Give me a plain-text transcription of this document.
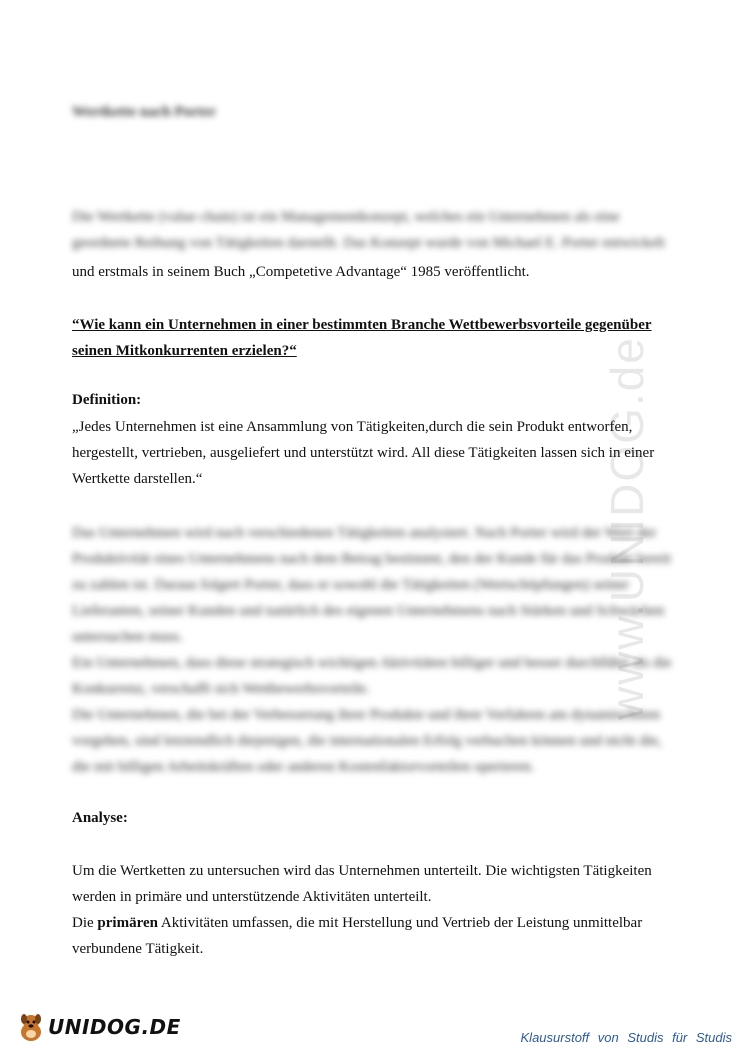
www.UNIDOG.de
Wertkette nach Porter

Die Wertkette (value chain) ist ein Managementkonzept, welches ein Unternehmen als eine geordnete Reihung von Tätigkeiten darstellt. Das Konzept wurde von Michael E. Porter entwickelt

und erstmals in seinem Buch „Competetive Advantage“ 1985 veröffentlicht.

“Wie kann ein Unternehmen in einer bestimmten Branche Wettbewerbsvorteile gegenüber seinen Mitkonkurrenten erzielen?“

Definition:

„Jedes Unternehmen ist eine Ansammlung von Tätigkeiten,durch die sein Produkt entworfen, hergestellt, vertrieben, ausgeliefert und unterstützt wird. All diese Tätigkeiten lassen sich in einer Wertkette darstellen.“

Das Unternehmen wird nach verschiedenen Tätigkeiten analysiert. Nach Porter wird der Wert der Produktivität eines Unternehmens nach dem Betrag bestimmt, den der Kunde für das Produkt bereit zu zahlen ist. Daraus folgert Porter, dass er sowohl die Tätigkeiten (Wertschöpfungen) seiner Lieferanten, seiner Kunden und natürlich des eigenen Unternehmens nach Stärken und Schwächen untersuchen muss.

Ein Unternehmen, dass diese strategisch wichtigen Aktivitäten billiger und besser durchführt als die Konkurrenz, verschafft sich Wettbewerbsvorteile.

Die Unternehmen, die bei der Verbesserung ihrer Produkte und ihrer Verfahren am dynamischsten vorgehen, sind letztendlich diejenigen, die internationalen Erfolg verbuchen können und nicht die, die mit billigen Arbeitskräften oder anderen Kostenfaktorvorteilen operieren.

Analyse:

Um die Wertketten zu untersuchen wird das Unternehmen unterteilt. Die wichtigsten Tätigkeiten werden in primäre und unterstützende Aktivitäten unterteilt.

Die primären Aktivitäten umfassen, die mit Herstellung und Vertrieb der Leistung unmittelbar verbundene Tätigkeit.

UNIDOG.DE	Klausurstoff von Studis für Studis
